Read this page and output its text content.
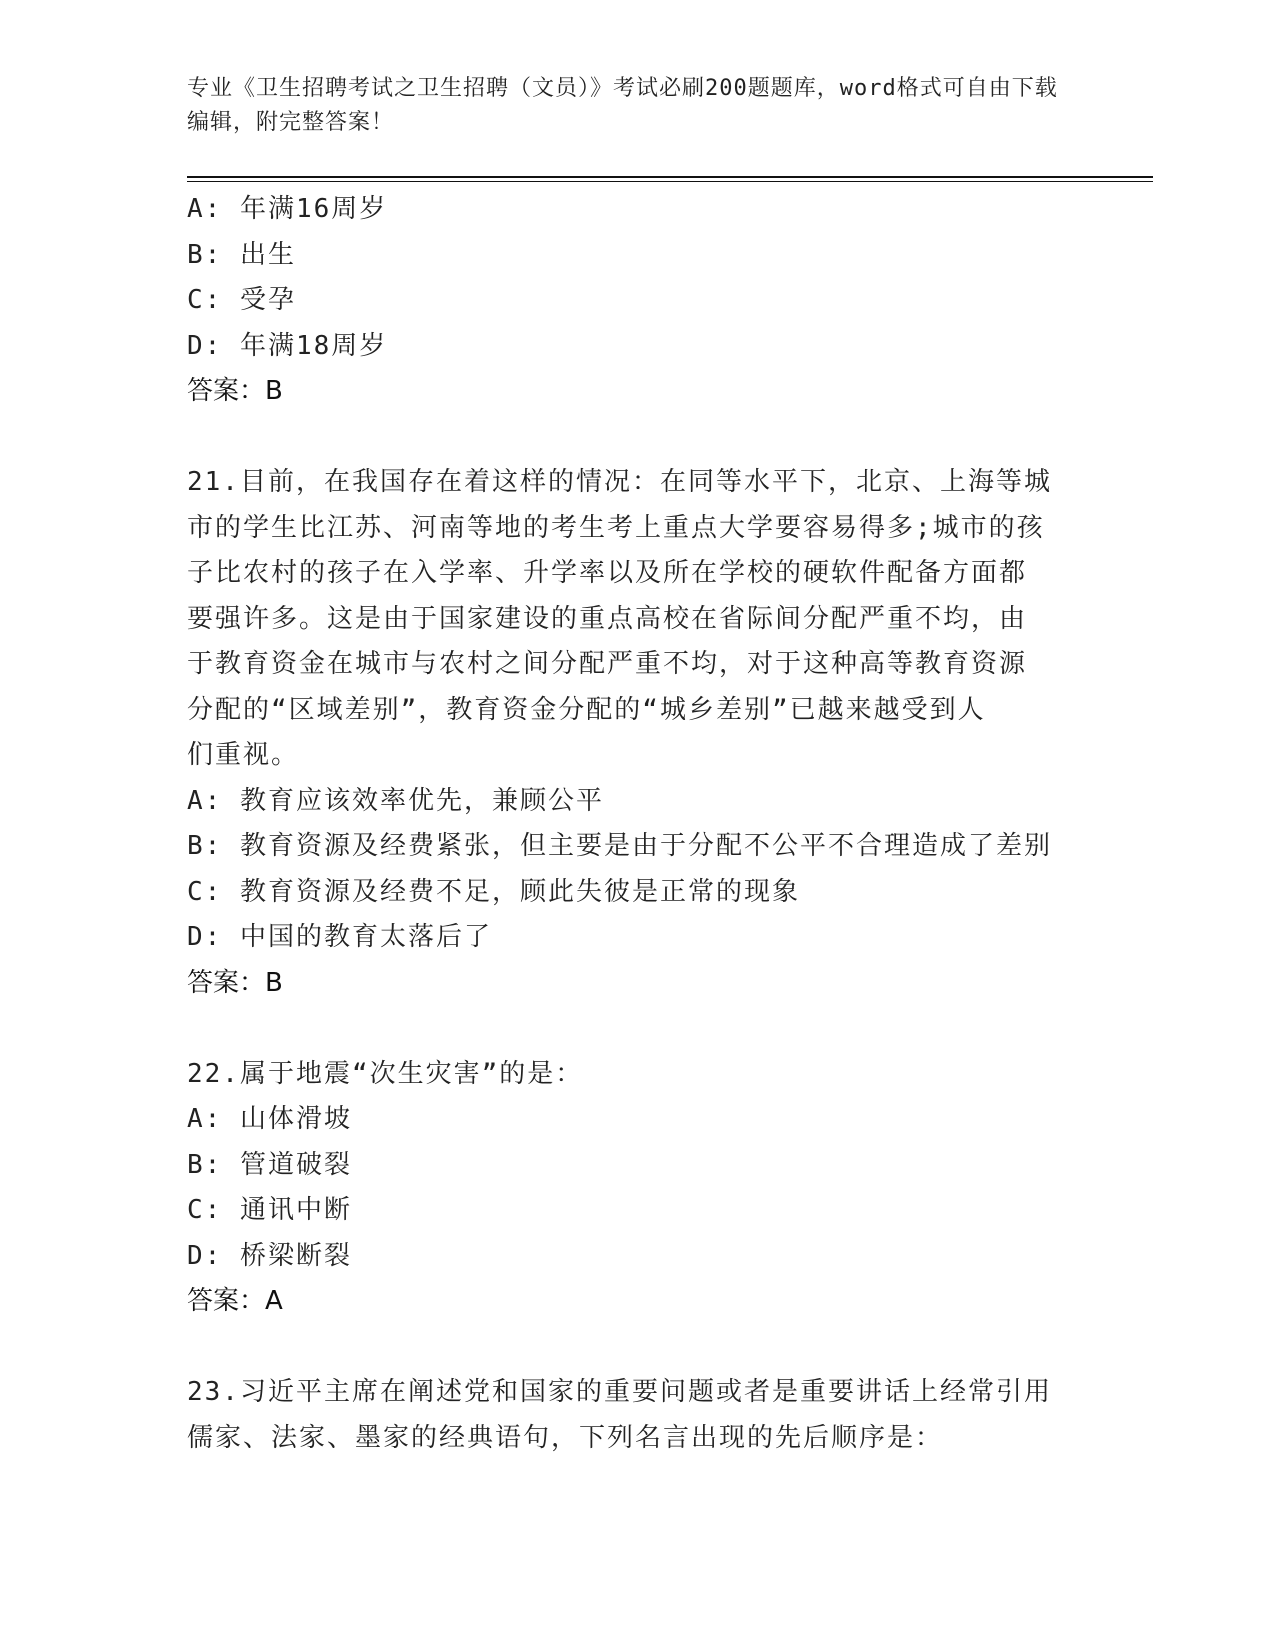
专业《卫生招聘考试之卫生招聘（文员）》考试必刷200题题库，word格式可自由下载编辑，附完整答案！
A: 年满16周岁
B: 出生
C: 受孕
D: 年满18周岁
答案：B
21.目前，在我国存在着这样的情况：在同等水平下，北京、上海等城
市的学生比江苏、河南等地的考生考上重点大学要容易得多;城市的孩
子比农村的孩子在入学率、升学率以及所在学校的硬软件配备方面都
要强许多。这是由于国家建设的重点高校在省际间分配严重不均，由
于教育资金在城市与农村之间分配严重不均，对于这种高等教育资源
分配的“区域差别”，教育资金分配的“城乡差别”已越来越受到人
们重视。
A: 教育应该效率优先，兼顾公平
B: 教育资源及经费紧张，但主要是由于分配不公平不合理造成了差别
C: 教育资源及经费不足，顾此失彼是正常的现象
D: 中国的教育太落后了
答案：B
22.属于地震“次生灾害”的是：
A: 山体滑坡
B: 管道破裂
C: 通讯中断
D: 桥梁断裂
答案：A
23.习近平主席在阐述党和国家的重要问题或者是重要讲话上经常引用
儒家、法家、墨家的经典语句，下列名言出现的先后顺序是：
